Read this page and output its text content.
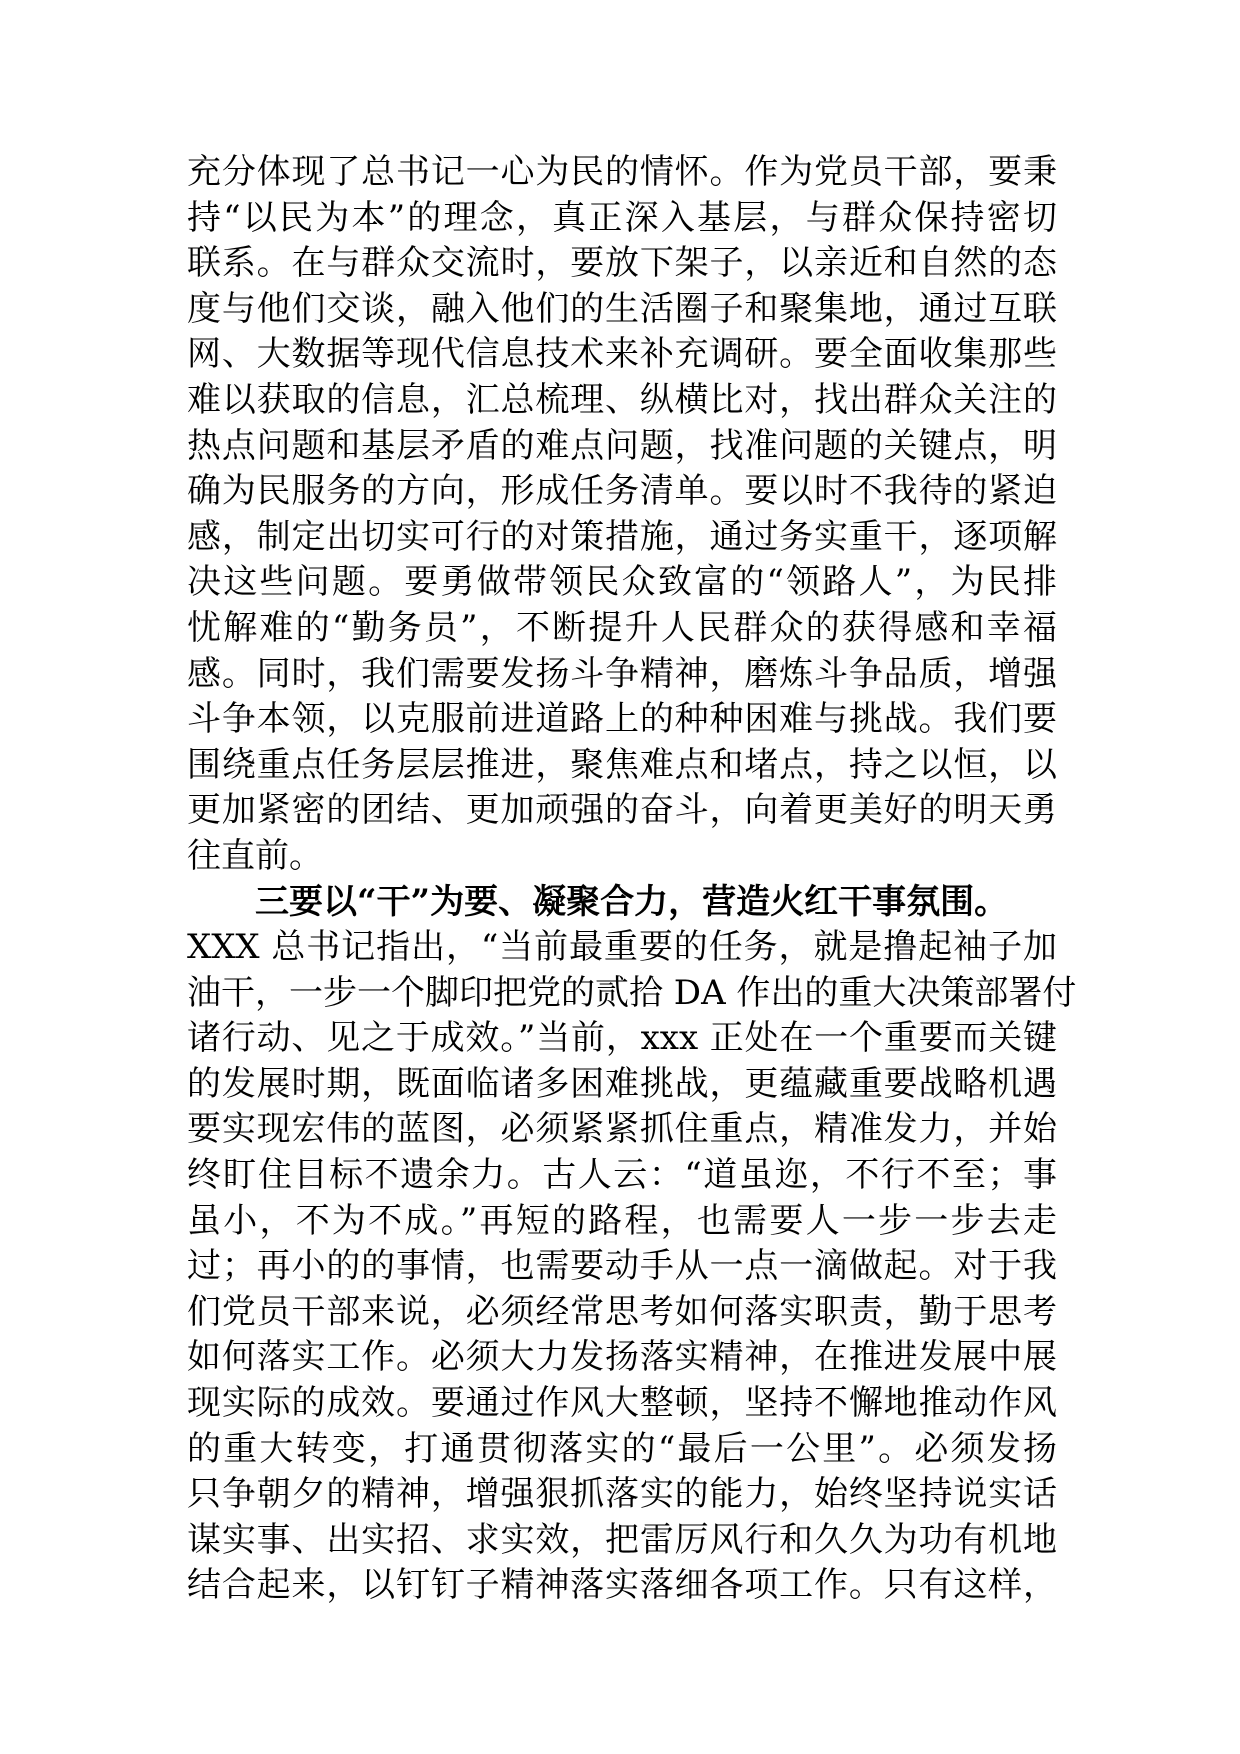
充分体现了总书记一心为民的情怀。作为党员干部，要秉
持“以民为本”的理念，真正深入基层，与群众保持密切
联系。在与群众交流时，要放下架子，以亲近和自然的态
度与他们交谈，融入他们的生活圈子和聚集地，通过互联
网、大数据等现代信息技术来补充调研。要全面收集那些
难以获取的信息，汇总梳理、纵横比对，找出群众关注的
热点问题和基层矛盾的难点问题，找准问题的关键点，明
确为民服务的方向，形成任务清单。要以时不我待的紧迫
感，制定出切实可行的对策措施，通过务实重干，逐项解
决这些问题。要勇做带领民众致富的“领路人”，为民排
忧解难的“勤务员”，不断提升人民群众的获得感和幸福
感。同时，我们需要发扬斗争精神，磨炼斗争品质，增强
斗争本领，以克服前进道路上的种种困难与挑战。我们要
围绕重点任务层层推进，聚焦难点和堵点，持之以恒，以
更加紧密的团结、更加顽强的奋斗，向着更美好的明天勇
往直前。
三要以“干”为要、凝聚合力，营造火红干事氛围。
XXX 总书记指出，“当前最重要的任务，就是撸起袖子加
油干，一步一个脚印把党的贰拾 DA 作出的重大决策部署付
诸行动、见之于成效。”当前，xxx 正处在一个重要而关键
的发展时期，既面临诸多困难挑战，更蕴藏重要战略机遇
要实现宏伟的蓝图，必须紧紧抓住重点，精准发力，并始
终盯住目标不遗余力。古人云：“道虽迩，不行不至；事
虽小，不为不成。”再短的路程，也需要人一步一步去走
过；再小的的事情，也需要动手从一点一滴做起。对于我
们党员干部来说，必须经常思考如何落实职责，勤于思考
如何落实工作。必须大力发扬落实精神，在推进发展中展
现实际的成效。要通过作风大整顿，坚持不懈地推动作风
的重大转变，打通贯彻落实的“最后一公里”。必须发扬
只争朝夕的精神，增强狠抓落实的能力，始终坚持说实话
谋实事、出实招、求实效，把雷厉风行和久久为功有机地
结合起来，以钉钉子精神落实落细各项工作。只有这样，
